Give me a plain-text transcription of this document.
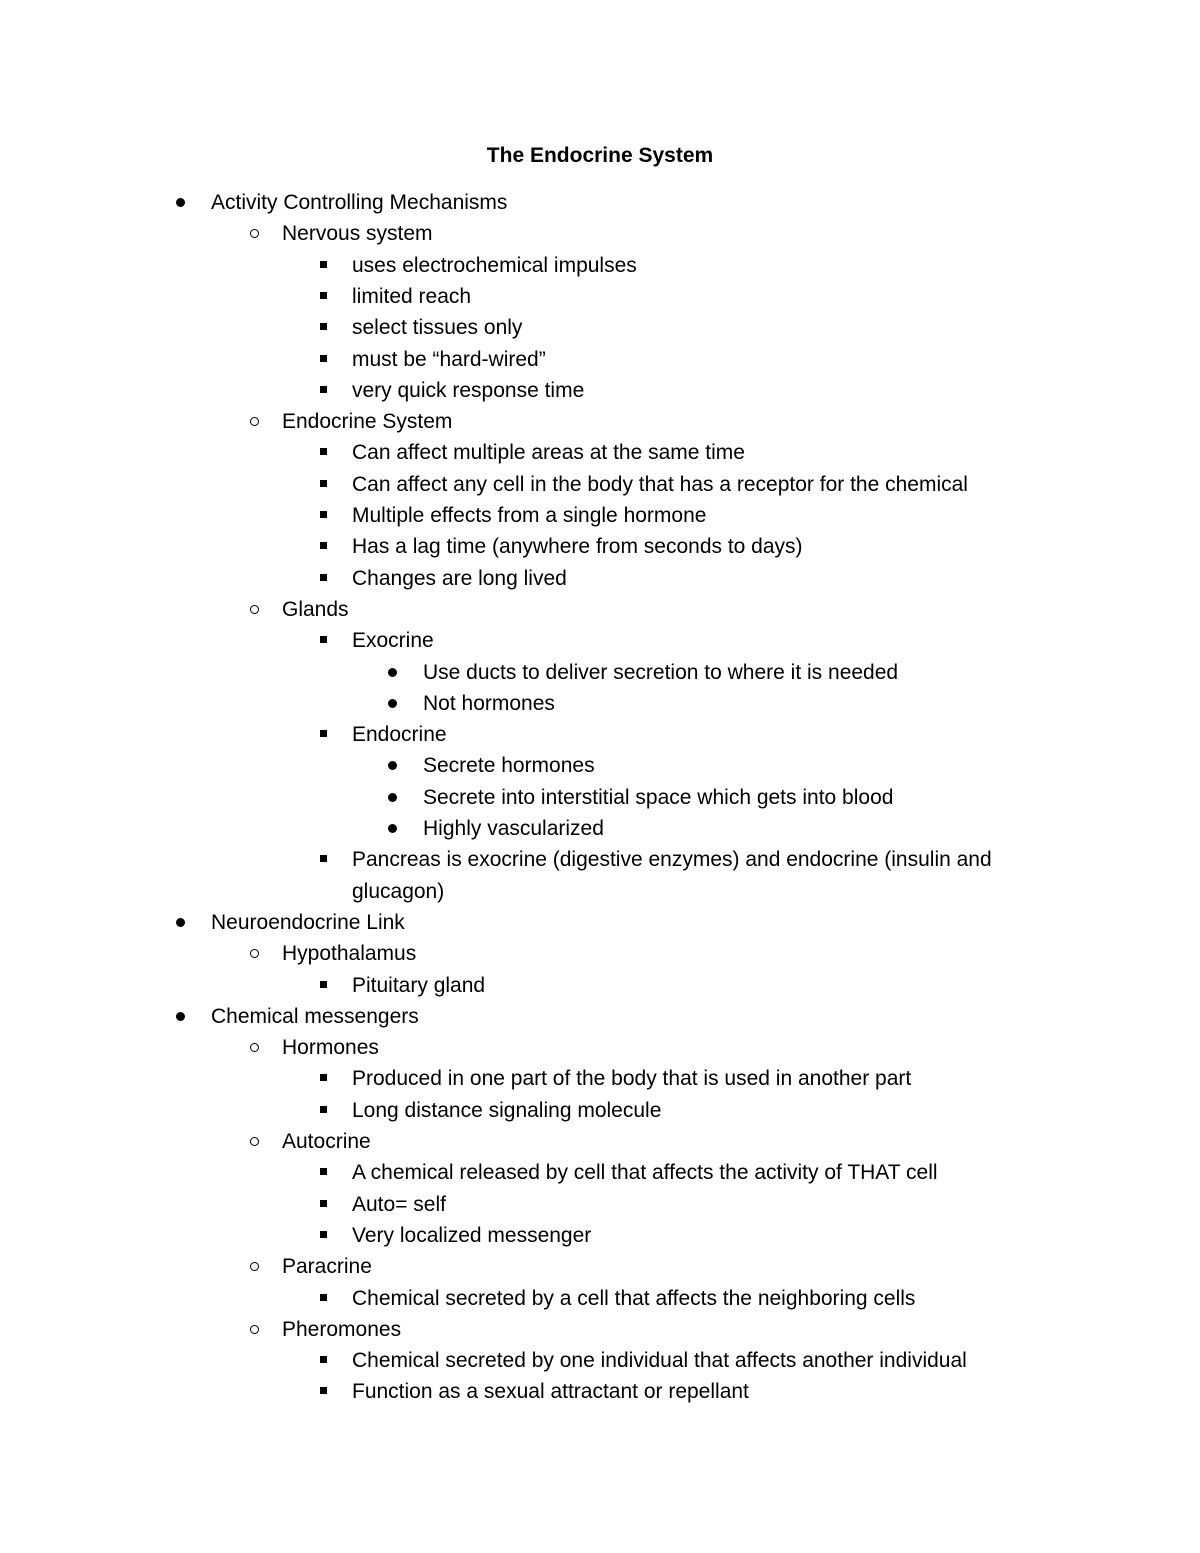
The Endocrine System
Activity Controlling Mechanisms
Nervous system
uses electrochemical impulses
limited reach
select tissues only
must be “hard-wired”
very quick response time
Endocrine System
Can affect multiple areas at the same time
Can affect any cell in the body that has a receptor for the chemical
Multiple effects from a single hormone
Has a lag time (anywhere from seconds to days)
Changes are long lived
Glands
Exocrine
Use ducts to deliver secretion to where it is needed
Not hormones
Endocrine
Secrete hormones
Secrete into interstitial space which gets into blood
Highly vascularized
Pancreas is exocrine (digestive enzymes) and endocrine (insulin and
glucagon)
Neuroendocrine Link
Hypothalamus
Pituitary gland
Chemical messengers
Hormones
Produced in one part of the body that is used in another part
Long distance signaling molecule
Autocrine
A chemical released by cell that affects the activity of THAT cell
Auto= self
Very localized messenger
Paracrine
Chemical secreted by a cell that affects the neighboring cells
Pheromones
Chemical secreted by one individual that affects another individual
Function as a sexual attractant or repellant
